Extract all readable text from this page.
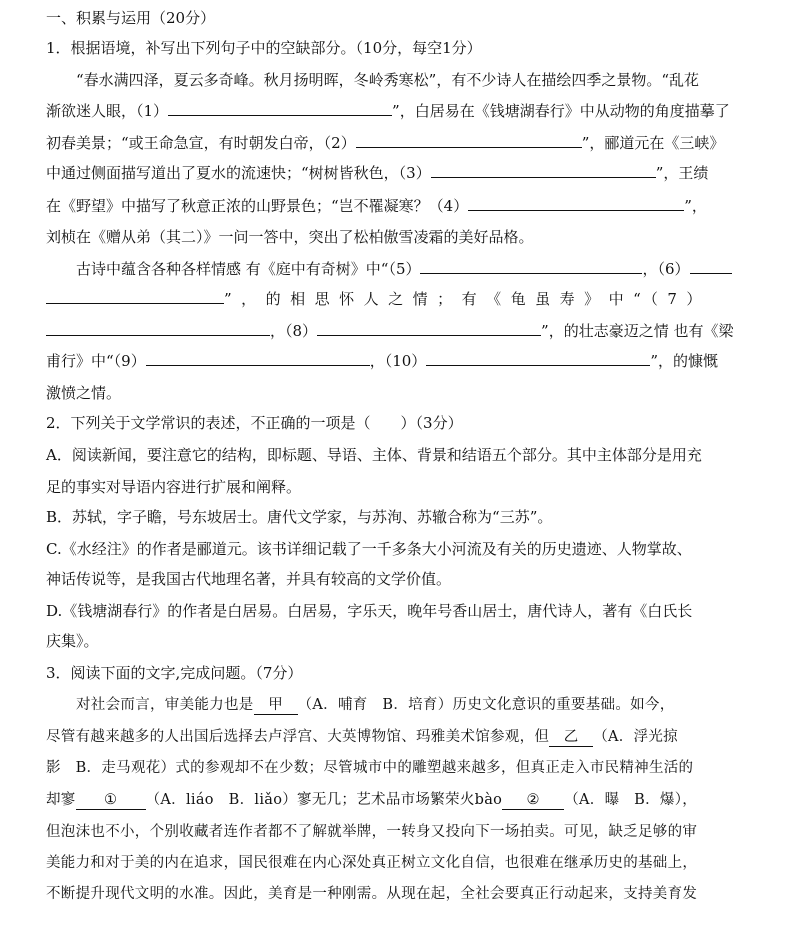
一、积累与运用（20分）
1．根据语境，补写出下列句子中的空缺部分。（10分，每空1分）
“春水满四泽，夏云多奇峰。秋月扬明晖，冬岭秀寒松”，有不少诗人在描绘四季之景物。“乱花
渐欲迷人眼，（1）	”，白居易在《钱塘湖春行》中从动物的角度描摹了
初春美景；“或王命急宣，有时朝发白帝，（2）	”，郦道元在《三峡》
中通过侧面描写道出了夏水的流速快；“树树皆秋色，（3）	”，王绩
在《野望》中描写了秋意正浓的山野景色；“岂不罹凝寒？（4）	”，
刘桢在《赠从弟（其二）》一问一答中，突出了松柏傲雪凌霜的美好品格。
古诗中蕴含各种各样情感 有《庭中有奇树》中“（5）	，（6）
”，的相思怀人之情；有《龟虽寿》中“（7）
，（8）	”，的壮志豪迈之情 也有《梁
甫行》中“（9）	，（10）	”，的慷慨
激愤之情。
2．下列关于文学常识的表述，不正确的一项是（　　）（3分）
A．阅读新闻，要注意它的结构，即标题、导语、主体、背景和结语五个部分。其中主体部分是用充
足的事实对导语内容进行扩展和阐释。
B．苏轼，字子瞻，号东坡居士。唐代文学家，与苏洵、苏辙合称为“三苏”。
C.《水经注》的作者是郦道元。该书详细记载了一千多条大小河流及有关的历史遗迹、人物掌故、
神话传说等，是我国古代地理名著，并具有较高的文学价值。
D.《钱塘湖春行》的作者是白居易。白居易，字乐天，晚年号香山居士，唐代诗人，著有《白氏长
庆集》。
3．阅读下面的文字,完成问题。（7分）
对社会而言，审美能力也是 甲 （A．哺育　B．培育）历史文化意识的重要基础。如今，
尽管有越来越多的人出国后选择去卢浮宫、大英博物馆、玛雅美术馆参观，但 乙 （A．浮光掠
影　B．走马观花）式的参观却不在少数；尽管城市中的雕塑越来越多，但真正走入市民精神生活的
却寥 ① （A．liáo　B．liǎo）寥无几；艺术品市场繁荣火bào ② （A．曝　B．爆），
但泡沫也不小，个别收藏者连作者都不了解就举牌，一转身又投向下一场拍卖。可见，缺乏足够的审
美能力和对于美的内在追求，国民很难在内心深处真正树立文化自信，也很难在继承历史的基础上，
不断提升现代文明的水准。因此，美育是一种刚需。从现在起，全社会要真正行动起来，支持美育发
